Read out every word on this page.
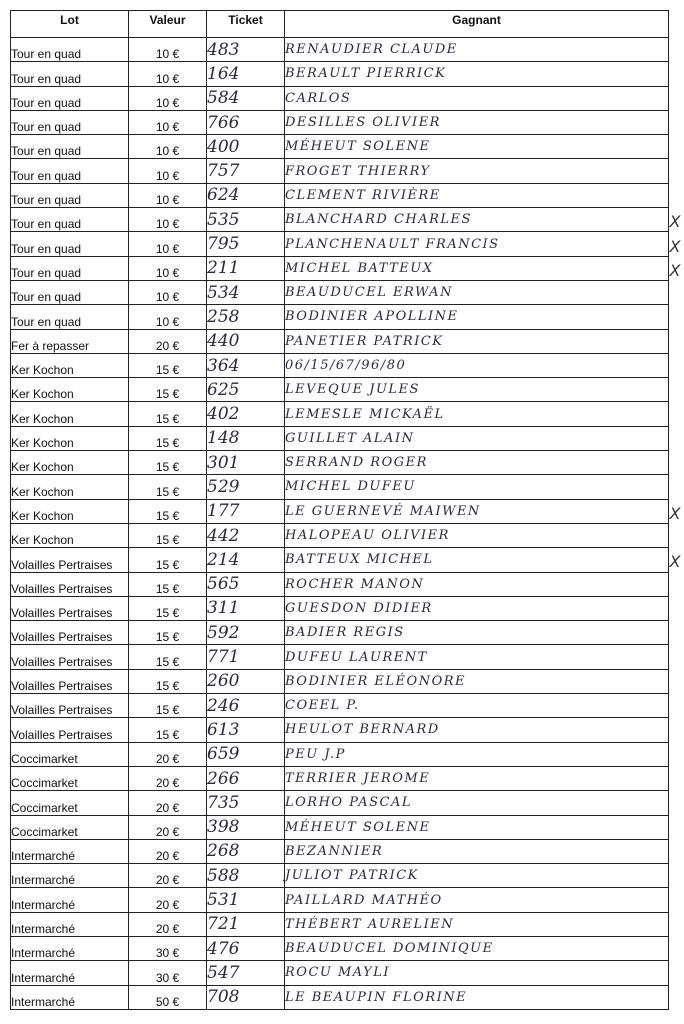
Lot	Valeur	Ticket	Gagnant
Tour en quad	10 €	483	RENAUDIER CLAUDE
Tour en quad	10 €	164	BERAULT PIERRICK
Tour en quad	10 €	584	CARLOS
Tour en quad	10 €	766	DESILLES OLIVIER
Tour en quad	10 €	400	MÉHEUT SOLENE
Tour en quad	10 €	757	FROGET THIERRY
Tour en quad	10 €	624	CLEMENT RIVIÈRE
Tour en quad	10 €	535	BLANCHARD CHARLES X

Tour en quad	10 €	795	PLANCHENAULT FRANCIS X

Tour en quad	10 €	211	MICHEL BATTEUX X

Tour en quad	10 €	534	BEAUDUCEL ERWAN
Tour en quad	10 €	258	BODINIER APOLLINE
Fer à repasser	20 €	440	PANETIER PATRICK
Ker Kochon	15 €	364	06/15/67/96/80
Ker Kochon	15 €	625	LEVEQUE JULES
Ker Kochon	15 €	402	LEMESLE MICKAËL
Ker Kochon	15 €	148	GUILLET ALAIN
Ker Kochon	15 €	301	SERRAND ROGER
Ker Kochon	15 €	529	MICHEL DUFEU
Ker Kochon	15 €	177	LE GUERNEVÉ MAIWEN X

Ker Kochon	15 €	442	HALOPEAU OLIVIER
Volailles Pertraises	15 €	214	BATTEUX MICHEL X

Volailles Pertraises	15 €	565	ROCHER MANON
Volailles Pertraises	15 €	311	GUESDON DIDIER
Volailles Pertraises	15 €	592	BADIER REGIS
Volailles Pertraises	15 €	771	DUFEU LAURENT
Volailles Pertraises	15 €	260	BODINIER ELÉONORE
Volailles Pertraises	15 €	246	COEEL P.
Volailles Pertraises	15 €	613	HEULOT BERNARD
Coccimarket	20 €	659	PEU J.P
Coccimarket	20 €	266	TERRIER JEROME
Coccimarket	20 €	735	LORHO PASCAL
Coccimarket	20 €	398	MÉHEUT SOLENE
Intermarché	20 €	268	BEZANNIER
Intermarché	20 €	588	JULIOT PATRICK
Intermarché	20 €	531	PAILLARD MATHÉO
Intermarché	20 €	721	THÉBERT AURELIEN
Intermarché	30 €	476	BEAUDUCEL DOMINIQUE
Intermarché	30 €	547	ROCU MAYLI
Intermarché	50 €	708	LE BEAUPIN FLORINE
